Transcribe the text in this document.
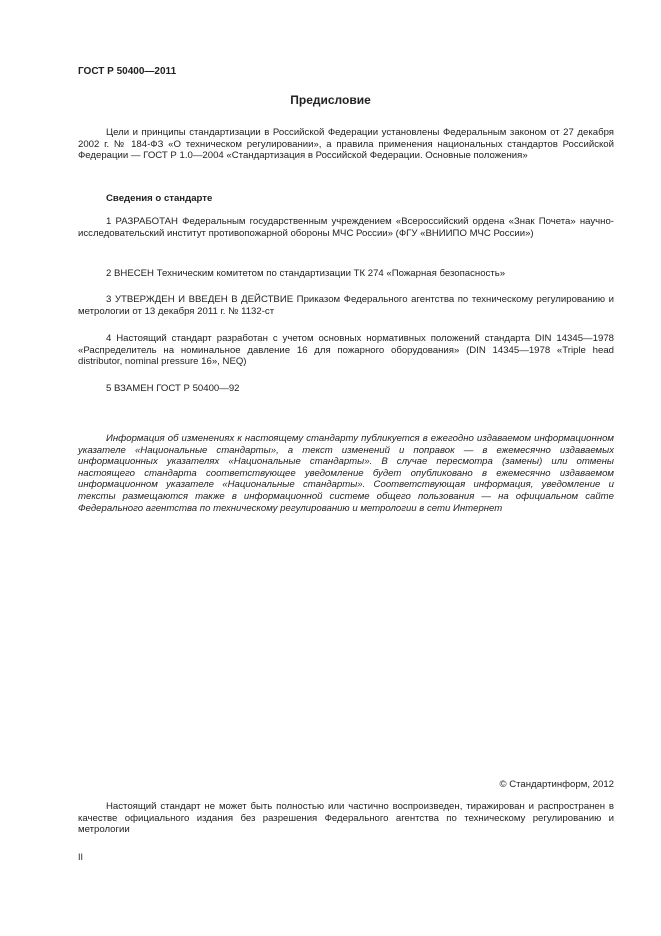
ГОСТ Р 50400—2011
Предисловие
Цели и принципы стандартизации в Российской Федерации установлены Федеральным законом от 27 декабря 2002 г. № 184-ФЗ «О техническом регулировании», а правила применения национальных стандартов Российской Федерации — ГОСТ Р 1.0—2004 «Стандартизация в Российской Федерации. Основные положения»
Сведения о стандарте
1 РАЗРАБОТАН Федеральным государственным учреждением «Всероссийский ордена «Знак Почета» научно-исследовательский институт противопожарной обороны МЧС России» (ФГУ «ВНИИПО МЧС России»)
2 ВНЕСЕН Техническим комитетом по стандартизации ТК 274 «Пожарная безопасность»
3 УТВЕРЖДЕН И ВВЕДЕН В ДЕЙСТВИЕ Приказом Федерального агентства по техническому регулированию и метрологии от 13 декабря 2011 г. № 1132-ст
4 Настоящий стандарт разработан с учетом основных нормативных положений стандарта DIN 14345—1978 «Распределитель на номинальное давление 16 для пожарного оборудования» (DIN 14345—1978 «Triple head distributor, nominal pressure 16», NEQ)
5 ВЗАМЕН ГОСТ Р 50400—92
Информация об изменениях к настоящему стандарту публикуется в ежегодно издаваемом информационном указателе «Национальные стандарты», а текст изменений и поправок — в ежемесячно издаваемых информационных указателях «Национальные стандарты». В случае пересмотра (замены) или отмены настоящего стандарта соответствующее уведомление будет опубликовано в ежемесячно издаваемом информационном указателе «Национальные стандарты». Соответствующая информация, уведомление и тексты размещаются также в информационной системе общего пользования — на официальном сайте Федерального агентства по техническому регулированию и метрологии в сети Интернет
© Стандартинформ, 2012
Настоящий стандарт не может быть полностью или частично воспроизведен, тиражирован и распространен в качестве официального издания без разрешения Федерального агентства по техническому регулированию и метрологии
II
